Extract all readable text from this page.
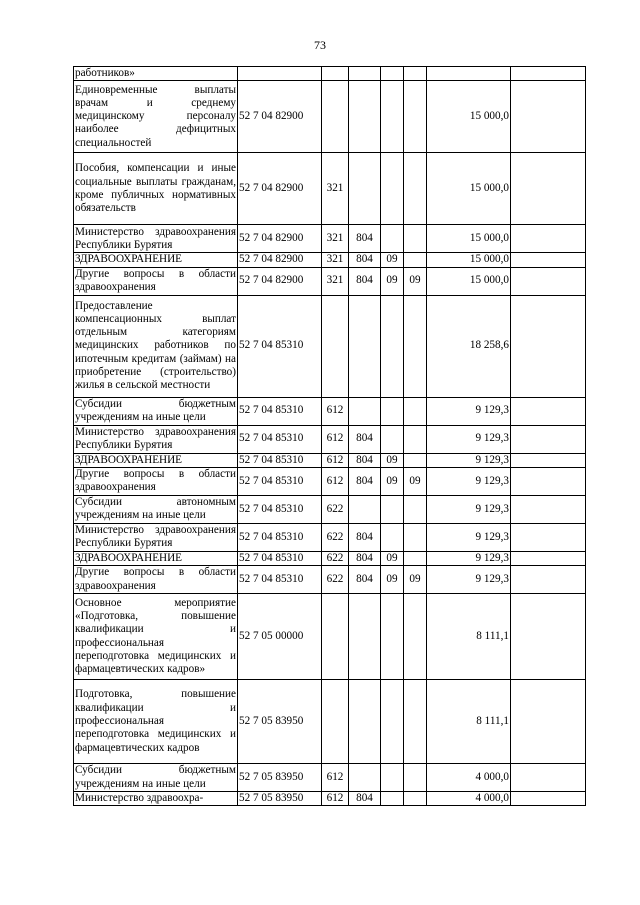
73
работников»							
Единовременные выплаты врачам и среднему медицинскому персоналу наиболее дефицитных специальностей	52 7 04 82900					15 000,0	
Пособия, компенсации и иные социальные выплаты гражданам, кроме публичных нормативных обязательств	52 7 04 82900	321				15 000,0	
Министерство здравоохранения Республики Бурятия	52 7 04 82900	321	804			15 000,0	
ЗДРАВООХРАНЕНИЕ	52 7 04 82900	321	804	09		15 000,0	
Другие вопросы в области здравоохранения	52 7 04 82900	321	804	09	09	15 000,0	
Предоставление компенсационных выплат отдельным категориям медицинских работников по ипотечным кредитам (займам) на приобретение (строительство) жилья в сельской местности	52 7 04 85310					18 258,6	
Субсидии бюджетным учреждениям на иные цели	52 7 04 85310	612				9 129,3	
Министерство здравоохранения Республики Бурятия	52 7 04 85310	612	804			9 129,3	
ЗДРАВООХРАНЕНИЕ	52 7 04 85310	612	804	09		9 129,3	
Другие вопросы в области здравоохранения	52 7 04 85310	612	804	09	09	9 129,3	
Субсидии автономным учреждениям на иные цели	52 7 04 85310	622				9 129,3	
Министерство здравоохранения Республики Бурятия	52 7 04 85310	622	804			9 129,3	
ЗДРАВООХРАНЕНИЕ	52 7 04 85310	622	804	09		9 129,3	
Другие вопросы в области здравоохранения	52 7 04 85310	622	804	09	09	9 129,3	
Основное мероприятие «Подготовка, повышение квалификации и профессиональная переподготовка медицинских и фармацевтических кадров»	52 7 05 00000					8 111,1	
Подготовка, повышение квалификации и профессиональная переподготовка медицинских и фармацевтических кадров	52 7 05 83950					8 111,1	
Субсидии бюджетным учреждениям на иные цели	52 7 05 83950	612				4 000,0	
Министерство здравоохра-	52 7 05 83950	612	804			4 000,0	
